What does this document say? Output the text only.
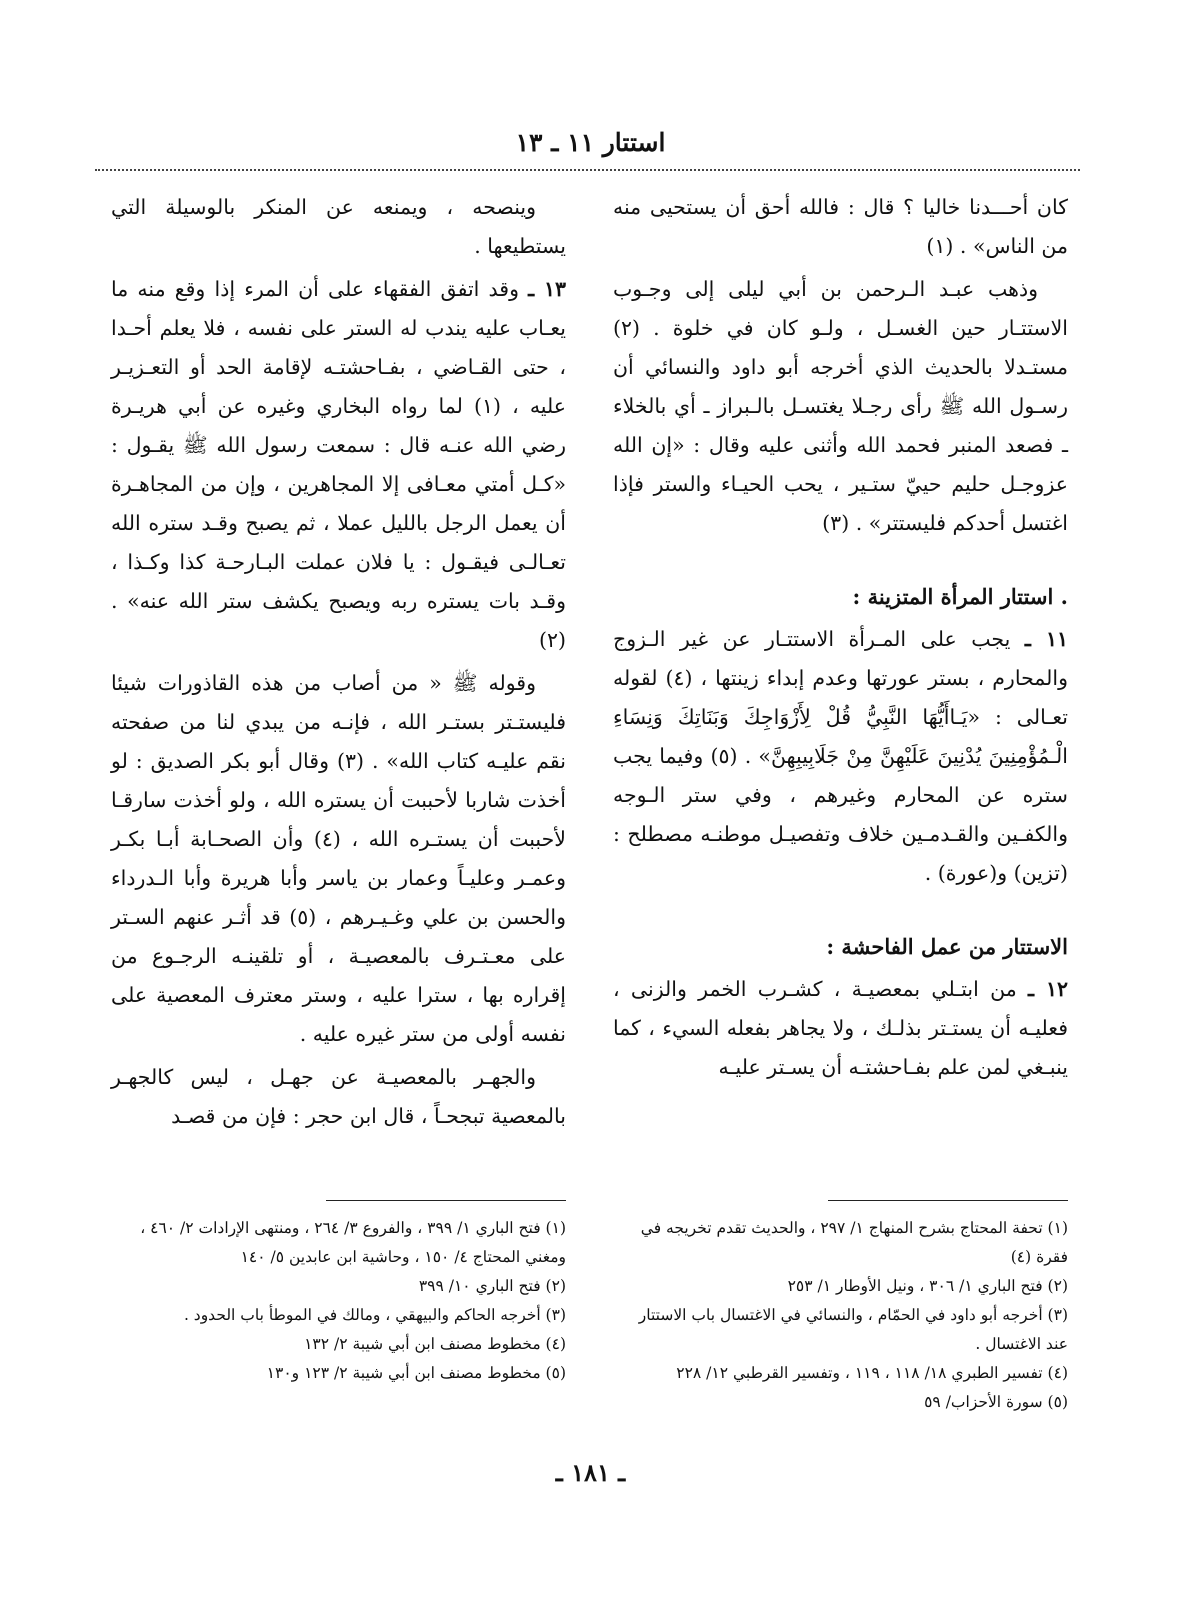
استتار ١١ ـ ١٣

كان أحـــدنا خاليا ؟ قال : فالله أحق أن يستحيى منه من الناس» . (١)

وذهب عبـد الـرحمن بن أبي ليلى إلى وجـوب الاستتـار حين الغسـل ، ولـو كان في خلوة . (٢) مستـدلا بالحديث الذي أخرجه أبو داود والنسائي أن رسـول الله ﷺ رأى رجـلا يغتسـل بالـبراز ـ أي بالخلاء ـ فصعد المنبر فحمد الله وأثنى عليه وقال : «إن الله عزوجـل حليم حييّ ستـير ، يحب الحيـاء والستر فإذا اغتسل أحدكم فليستتر» . (٣)

. استتار المرأة المتزينة :

١١ ـ يجب على المـرأة الاستتـار عن غير الـزوج والمحارم ، بستر عورتها وعدم إبداء زينتها ، (٤) لقوله تعـالى : «يَـاأَيُّهَا النَّبِيُّ قُلْ لِأَزْوَاجِكَ وَبَنَاتِكَ وَنِسَاءِ الْـمُؤْمِنِينَ يُدْنِينَ عَلَيْهِنَّ مِنْ جَلَابِيبِهِنَّ» . (٥) وفيما يجب ستره عن المحارم وغيرهم ، وفي ستر الـوجه والكفـين والقـدمـين خلاف وتفصيـل موطنـه مصطلح : (تزين) و(عورة) .

الاستتار من عمل الفاحشة :

١٢ ـ من ابتـلي بمعصيـة ، كشـرب الخمر والزنى ، فعليـه أن يستـتر بذلـك ، ولا يجاهر بفعله السيء ، كما ينبـغي لمن علم بفـاحشتـه أن يسـتر عليـه

وينصحه ، ويمنعه عن المنكر بالوسيلة التي يستطيعها .

١٣ ـ وقد اتفق الفقهاء على أن المرء إذا وقع منه ما يعـاب عليه يندب له الستر على نفسه ، فلا يعلم أحـدا ، حتى القـاضي ، بفـاحشتـه لإقامة الحد أو التعـزيـر عليه ، (١) لما رواه البخاري وغيره عن أبي هريـرة رضي الله عنـه قال : سمعت رسول الله ﷺ يقـول : «كـل أمتي معـافى إلا المجاهرين ، وإن من المجاهـرة أن يعمل الرجل بالليل عملا ، ثم يصبح وقـد ستره الله تعـالـى فيقـول : يا فلان عملت البـارحـة كذا وكـذا ، وقـد بات يستره ربه ويصبح يكشف ستر الله عنه» . (٢)

وقوله ﷺ « من أصاب من هذه القاذورات شيئا فليستـتر بستـر الله ، فإنـه من يبدي لنا من صفحته نقم عليـه كتاب الله» . (٣) وقال أبو بكر الصديق : لو أخذت شاربا لأحببت أن يستره الله ، ولو أخذت سارقـا لأحببت أن يستـره الله ، (٤) وأن الصحـابة أبـا بكـر وعمـر وعليـاً وعمار بن ياسر وأبا هريرة وأبا الـدرداء والحسن بن علي وغـيـرهم ، (٥) قد أثـر عنهم السـتر على معـتـرف بالمعصيـة ، أو تلقينـه الرجـوع من إقراره بها ، سترا عليه ، وستر معترف المعصية على نفسه أولى من ستر غيره عليه .

والجهـر بالمعصيـة عن جهـل ، ليس كالجهـر بالمعصية تبجحـاً ، قال ابن حجر : فإن من قصـد

(١) تحفة المحتاج بشرح المنهاج ١/ ٢٩٧ ، والحديث تقدم تخريجه في فقرة (٤)
(٢) فتح الباري ١/ ٣٠٦ ، ونيل الأوطار ١/ ٢٥٣
(٣) أخرجه أبو داود في الحمّام ، والنسائي في الاغتسال باب الاستتار عند الاغتسال .
(٤) تفسير الطبري ١٨/ ١١٨ ، ١١٩ ، وتفسير القرطبي ١٢/ ٢٢٨
(٥) سورة الأحزاب/ ٥٩
(١) فتح الباري ١/ ٣٩٩ ، والفروع ٣/ ٢٦٤ ، ومنتهى الإرادات ٢/ ٤٦٠ ، ومغني المحتاج ٤/ ١٥٠ ، وحاشية ابن عابدين ٥/ ١٤٠
(٢) فتح الباري ١٠/ ٣٩٩
(٣) أخرجه الحاكم والبيهقي ، ومالك في الموطأ باب الحدود .
(٤) مخطوط مصنف ابن أبي شيبة ٢/ ١٣٢
(٥) مخطوط مصنف ابن أبي شيبة ٢/ ١٢٣ و١٣٠
ـ ١٨١ ـ
